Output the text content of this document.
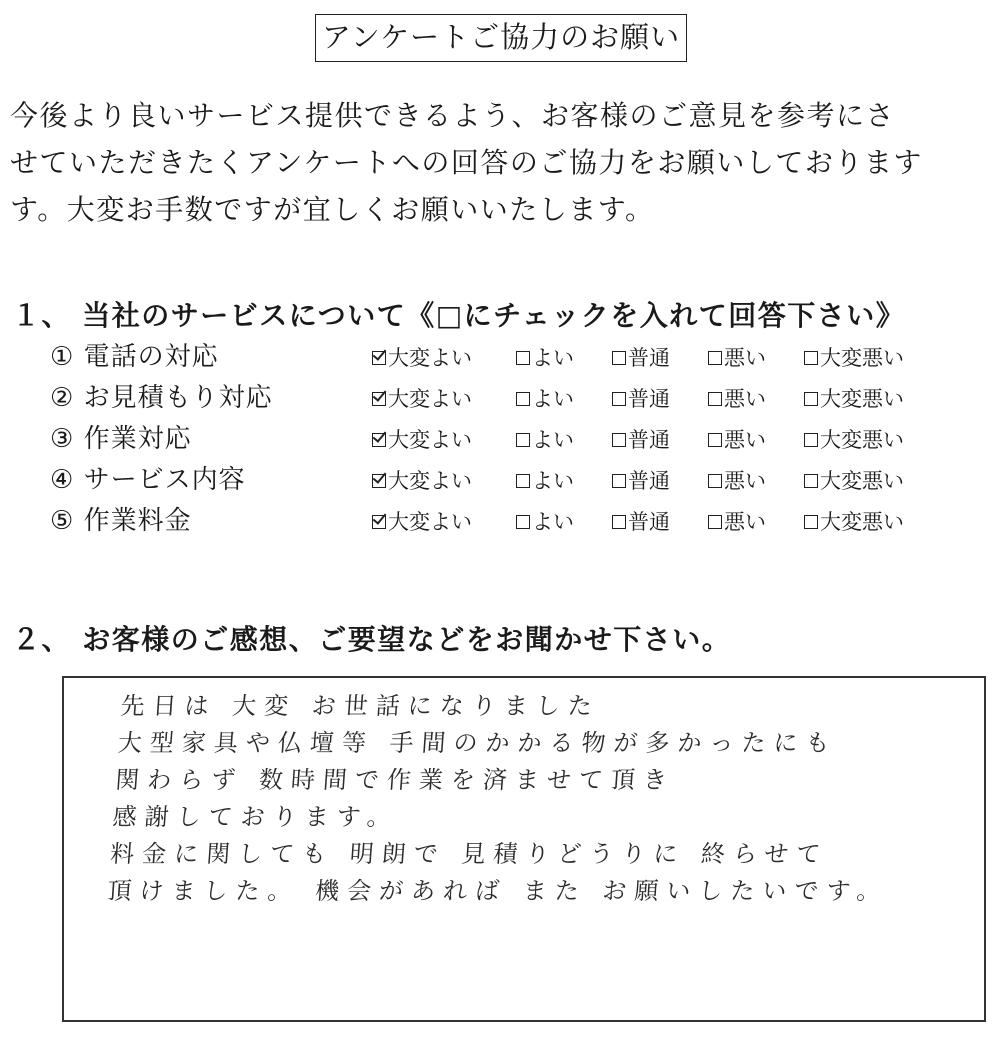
アンケートご協力のお願い
今後より良いサービス提供できるよう、お客様のご意見を参考にさ
せていただきたくアンケートへの回答のご協力をお願いしております
す。大変お手数ですが宜しくお願いいたします。
１、 当社のサービスについて《□にチェックを入れて回答下さい》
① 電話の対応	大変よい	よい	普通	悪い	大変悪い
② お見積もり対応	大変よい	よい	普通	悪い	大変悪い
③ 作業対応	大変よい	よい	普通	悪い	大変悪い
④ サービス内容	大変よい	よい	普通	悪い	大変悪い
⑤ 作業料金	大変よい	よい	普通	悪い	大変悪い
２、 お客様のご感想、ご要望などをお聞かせ下さい。
先日は 大変 お世話になりました
大型家具や仏壇等 手間のかかる物が多かったにも
関わらず 数時間で作業を済ませて頂き
感謝しております。
料金に関しても 明朗で 見積りどうりに 終らせて
頂けました。 機会があれば また お願いしたいです。
